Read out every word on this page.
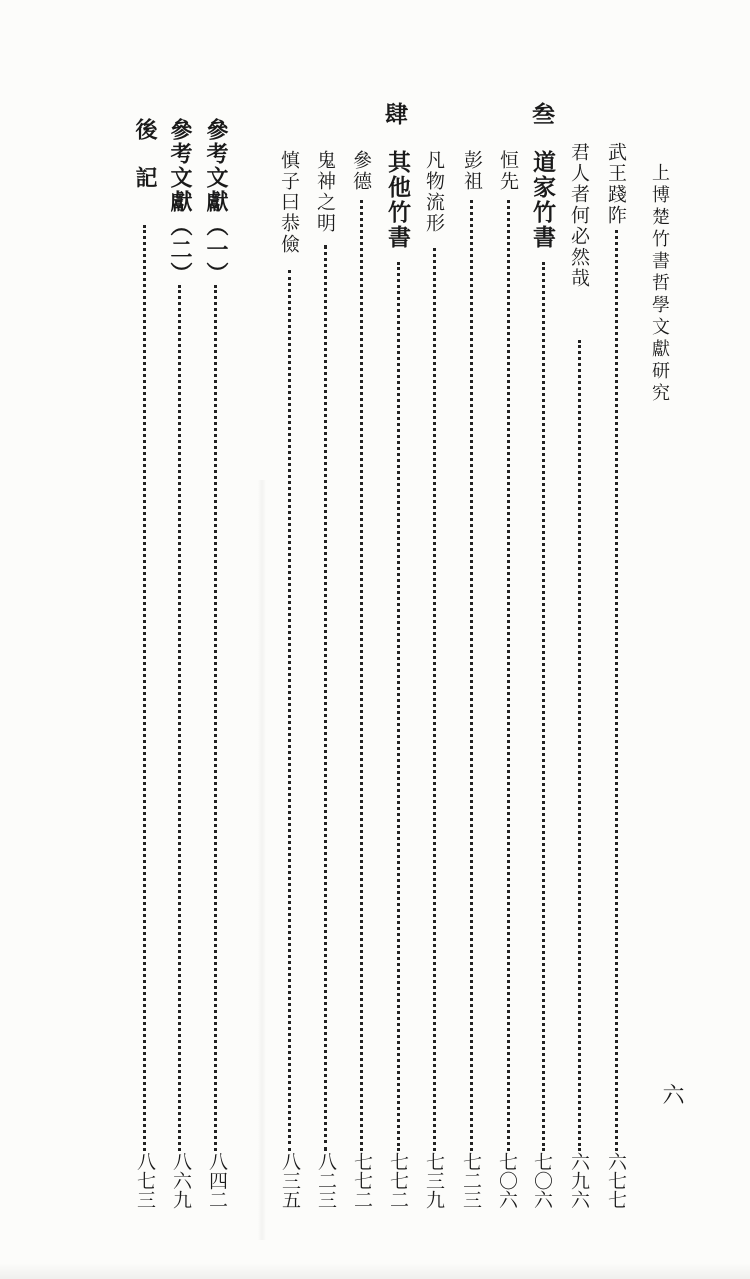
上博楚竹書哲學文獻研究
六
叁
肆
武王踐阼
六七七
君人者何必然哉
六九六
道家竹書
七〇六
恒先
七〇六
彭祖
七二三
凡物流形
七三九
其他竹書
七七二
參德
七七二
鬼神之明
八二三
慎子曰恭儉
八三五
參考文獻（一）
八四二
參考文獻（二）
八六九
後　記
八七三
